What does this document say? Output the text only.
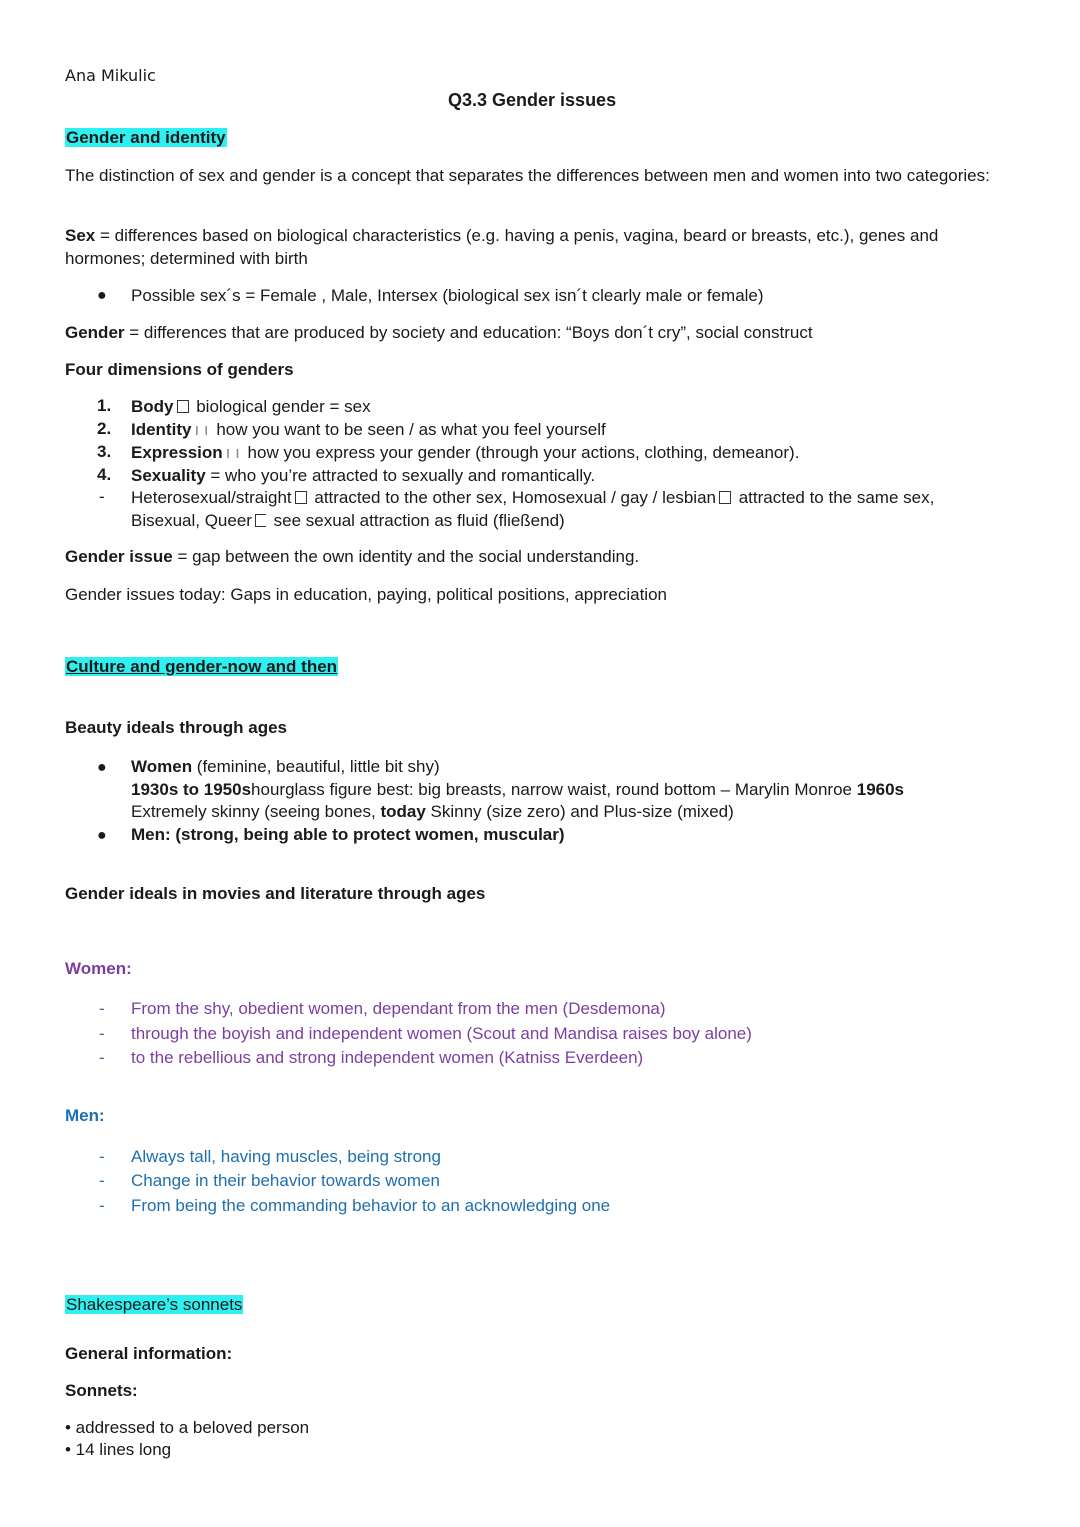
Ana Mikulic
Q3.3 Gender issues
Gender and identity
The distinction of sex and gender is a concept that separates the differences between men and women into two categories:
Sex = differences based on biological characteristics (e.g. having a penis, vagina, beard or breasts, etc.), genes and hormones; determined with birth
● Possible sex´s = Female , Male, Intersex (biological sex isn´t clearly male or female)
Gender = differences that are produced by society and education: “Boys don´t cry”, social construct
Four dimensions of genders
1. Body biological gender = sex
2. Identity ı ı how you want to be seen / as what you feel yourself
3. Expression ı ı how you express your gender (through your actions, clothing, demeanor).
4. Sexuality = who you’re attracted to sexually and romantically.
- Heterosexual/straight attracted to the other sex, Homosexual / gay / lesbian attracted to the same sex,
Bisexual, Queer see sexual attraction as fluid (fließend)
Gender issue = gap between the own identity and the social understanding.
Gender issues today: Gaps in education, paying, political positions, appreciation
Culture and gender-now and then
Beauty ideals through ages
● Women (feminine, beautiful, little bit shy)
1930s to 1950shourglass figure best: big breasts, narrow waist, round bottom – Marylin Monroe 1960s
Extremely skinny (seeing bones, today Skinny (size zero) and Plus-size (mixed)
● Men: (strong, being able to protect women, muscular)
Gender ideals in movies and literature through ages
Women:
- From the shy, obedient women, dependant from the men (Desdemona)
- through the boyish and independent women (Scout and Mandisa raises boy alone)
- to the rebellious and strong independent women (Katniss Everdeen)
Men:
- Always tall, having muscles, being strong
- Change in their behavior towards women
- From being the commanding behavior to an acknowledging one
Shakespeare’s sonnets
General information:
Sonnets:
• addressed to a beloved person
• 14 lines long
